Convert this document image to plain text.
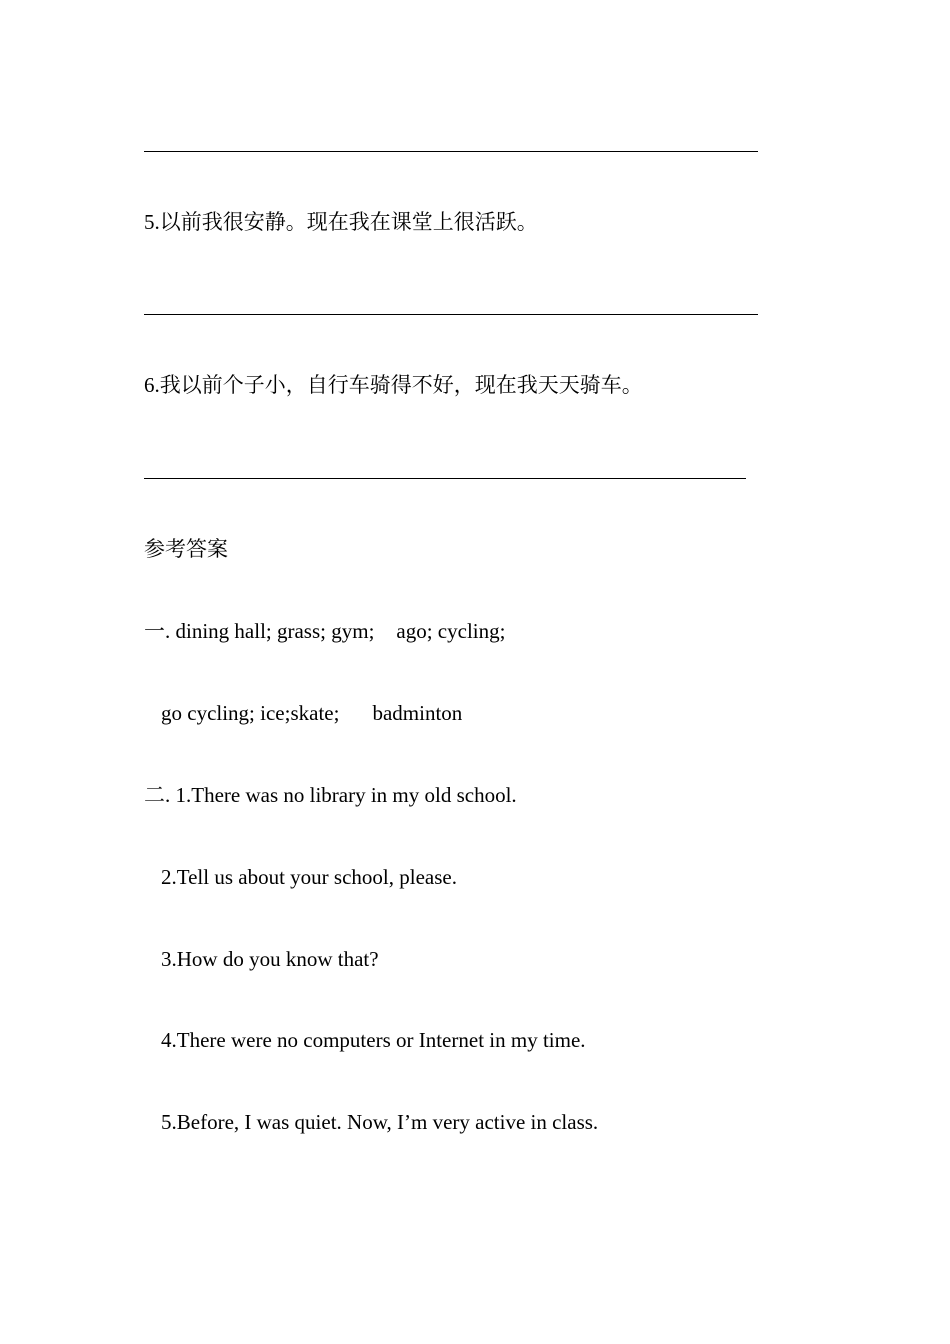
5.以前我很安静。现在我在课堂上很活跃。
6.我以前个子小，自行车骑得不好，现在我天天骑车。
参考答案
一. dining hall; grass; gym; ago; cycling;
go cycling; ice;skate; badminton
二. 1.There was no library in my old school.
2.Tell us about your school, please.
3.How do you know that?
4.There were no computers or Internet in my time.
5.Before, I was quiet. Now, I’m very active in class.
